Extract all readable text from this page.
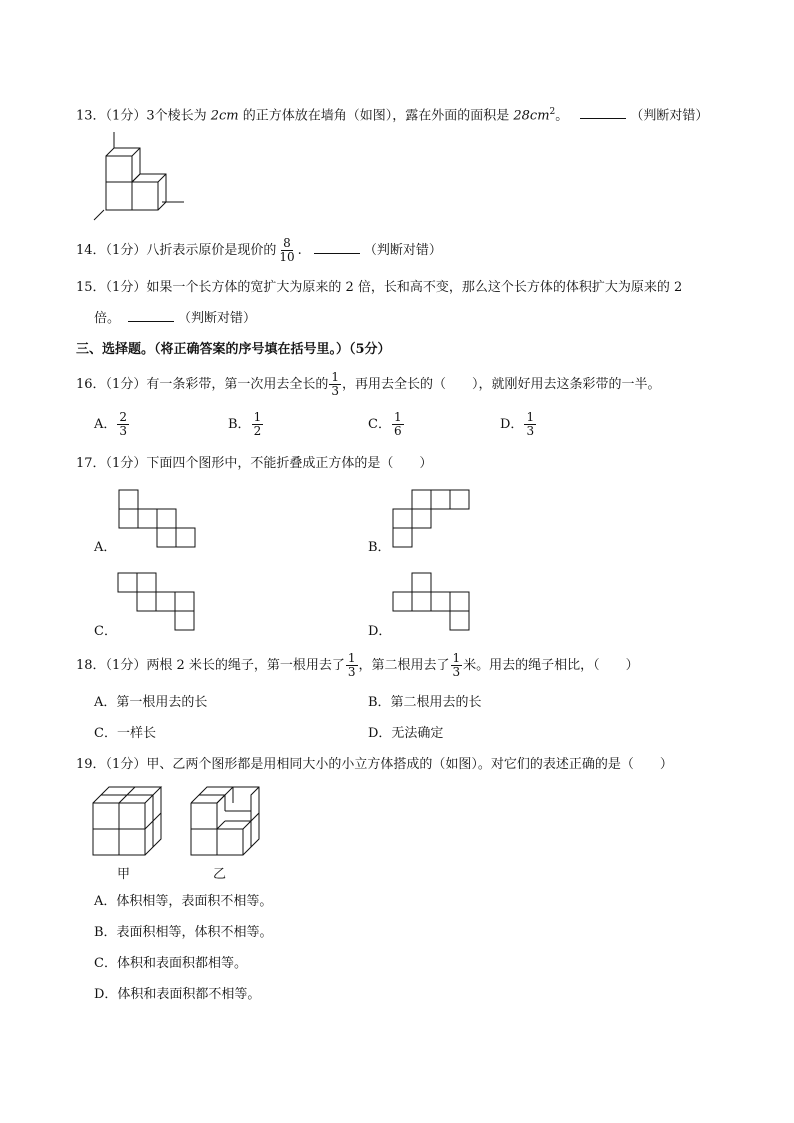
13．（1分）3个棱长为 2cm 的正方体放在墙角（如图），露在外面的面积是 $28cm^2$。	（判断对错）
14．（1分）八折表示原价是现价的 $\frac{8}{10}$ .	（判断对错）
15．（1分）如果一个长方体的宽扩大为原来的 2 倍，长和高不变，那么这个长方体的体积扩大为原来的 2
倍。	（判断对错）
三、选择题。（将正确答案的序号填在括号里。）（5分）
16．（1分）有一条彩带，第一次用去全长的 $\frac{1}{3}$ ，再用去全长的（　　），就刚好用去这条彩带的一半。
A． $\frac{2}{3}$	B． $\frac{1}{2}$	C． $\frac{1}{6}$	D． $\frac{1}{3}$
17．（1分）下面四个图形中，不能折叠成正方体的是（　　）
A．	B．
C．	D．
18．（1分）两根 2 米长的绳子，第一根用去了 $\frac{1}{3}$ ，第二根用去了 $\frac{1}{3}$ 米。用去的绳子相比，（　　）
A．第一根用去的长	B．第二根用去的长
C．一样长	D．无法确定
19．（1分）甲、乙两个图形都是用相同大小的小立方体搭成的（如图）。对它们的表述正确的是（　　）
甲	乙
A．体积相等，表面积不相等。
B．表面积相等，体积不相等。
C．体积和表面积都相等。
D．体积和表面积都不相等。
